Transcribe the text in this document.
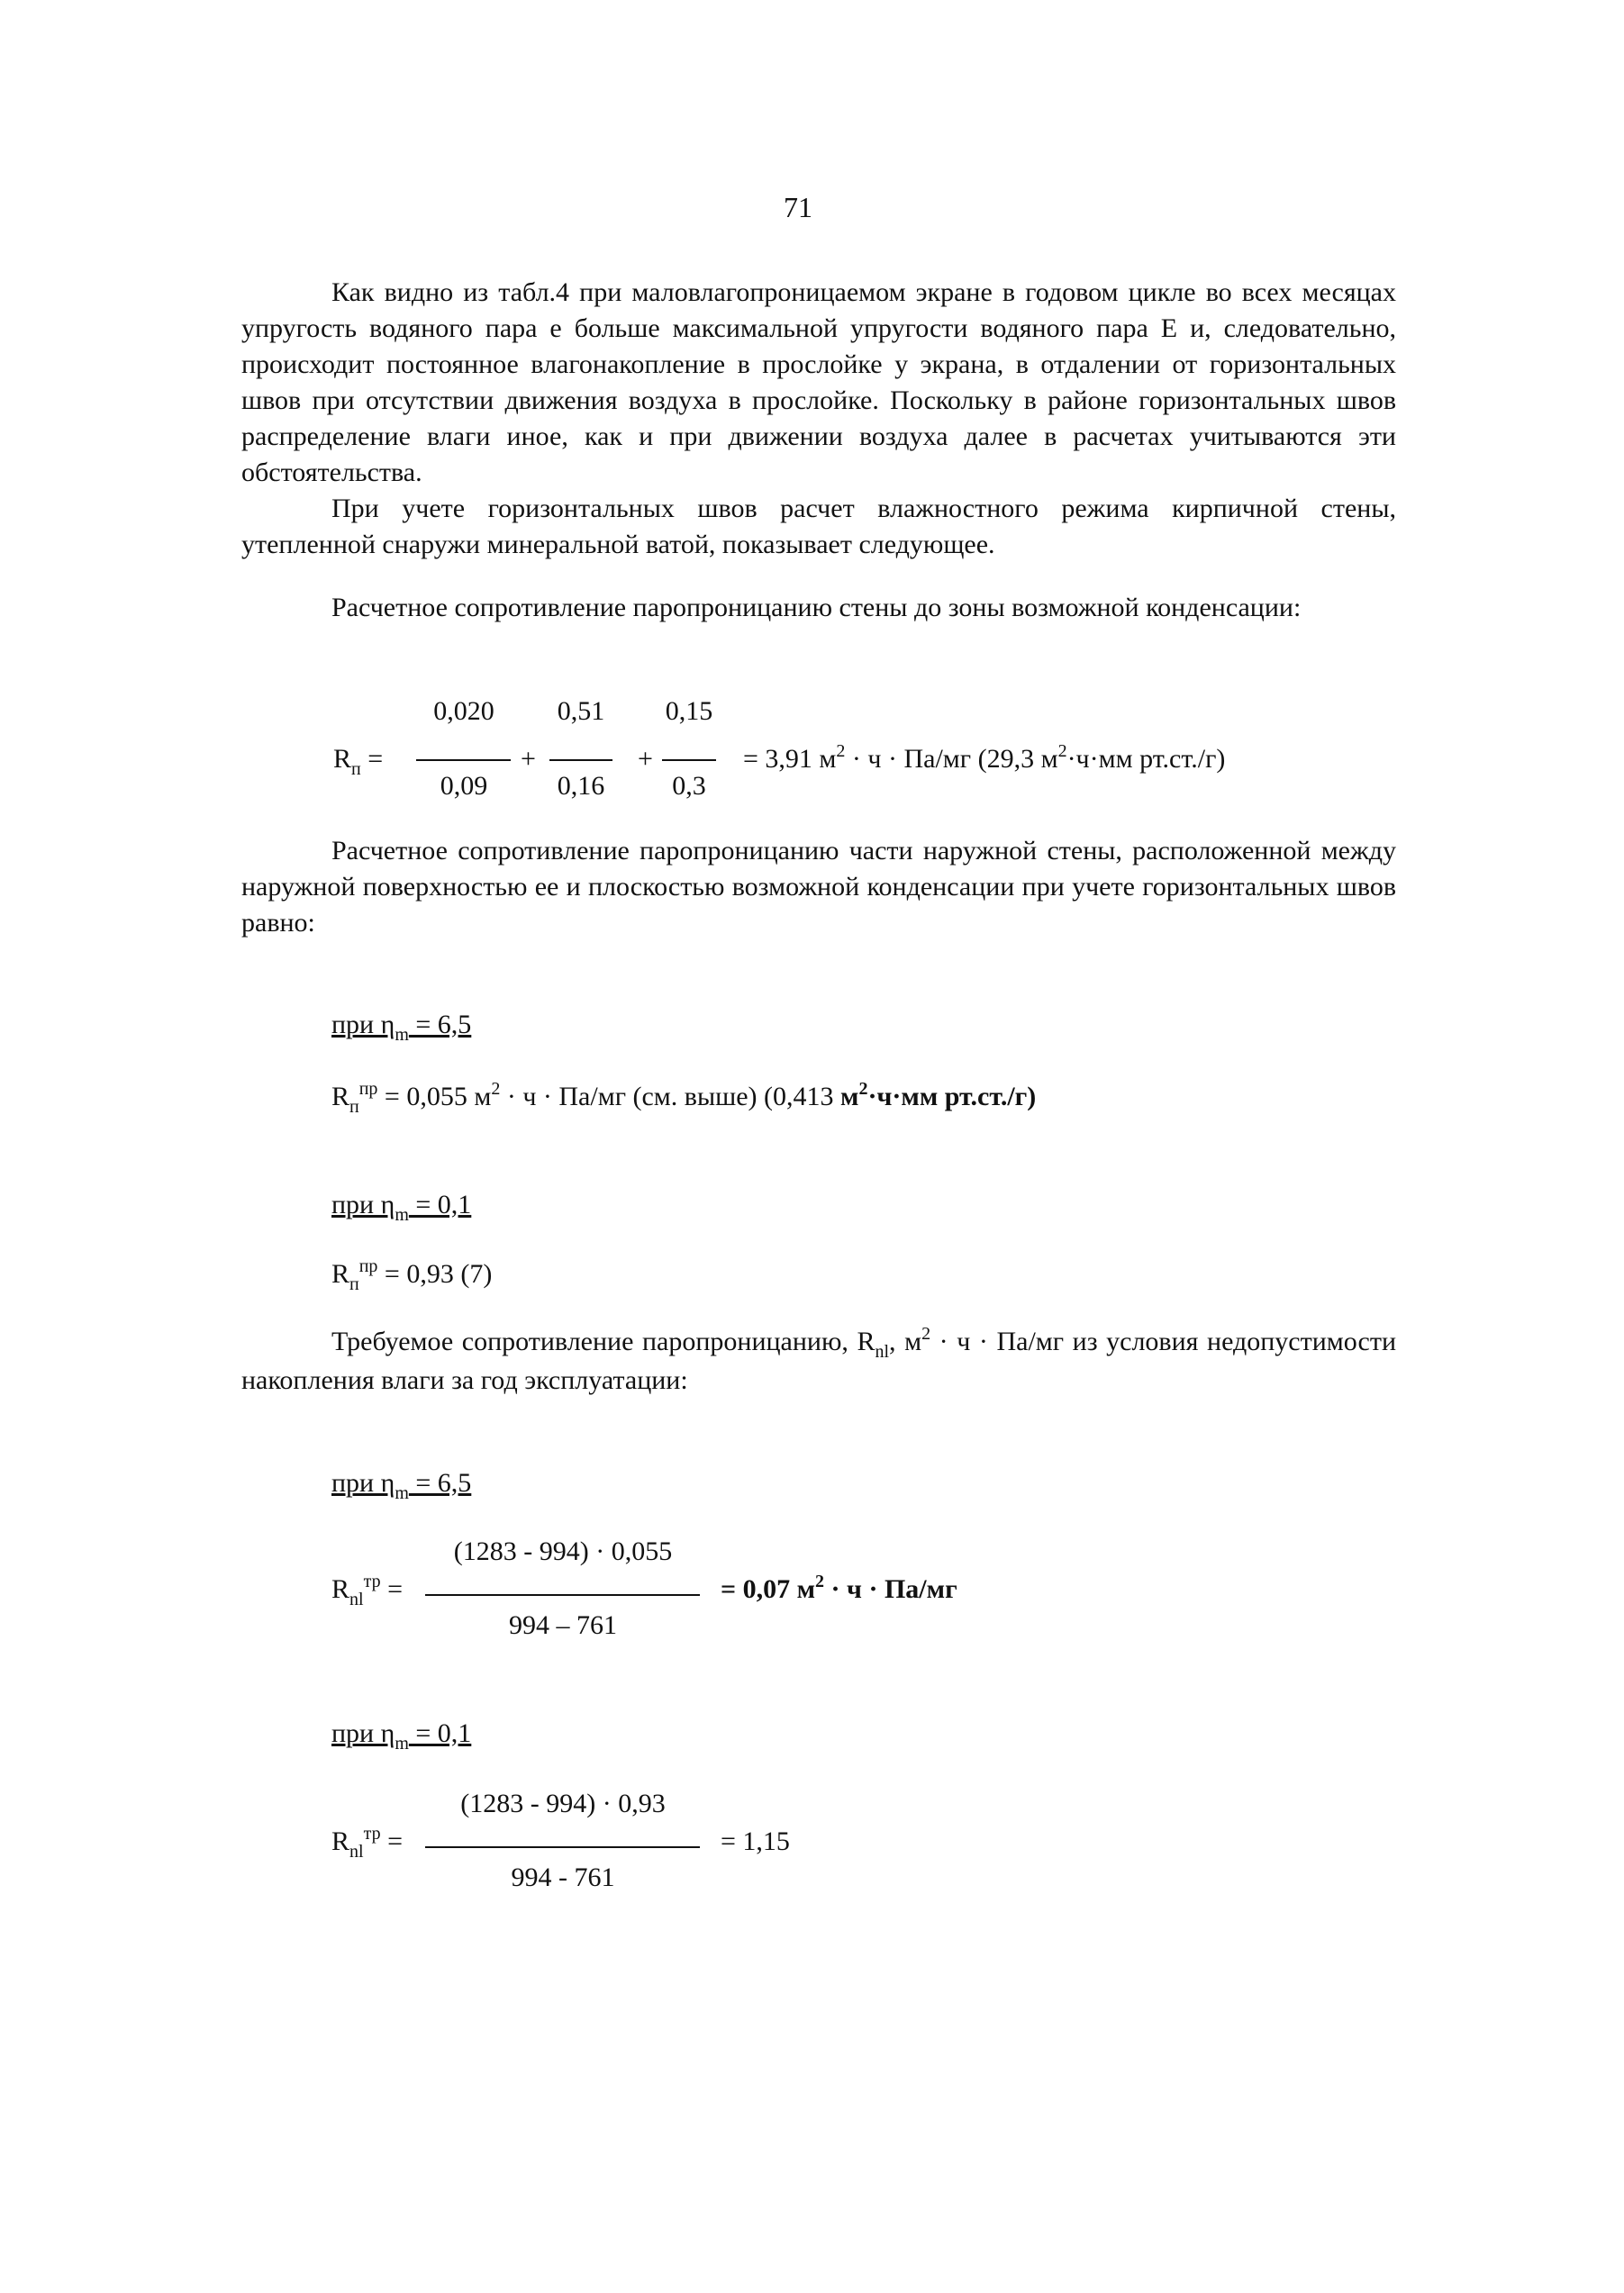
71
Как видно из табл.4 при маловлагопроницаемом экране в годовом цикле во всех месяцах упругость водяного пара е больше максимальной упругости водяного пара Е и, следовательно, происходит постоянное влагонакопление в прослойке у экрана, в отдалении от горизонтальных швов при отсутствии движения воздуха в прослойке. Поскольку в районе горизонтальных швов распределение влаги иное, как и при движении воздуха далее в расчетах учитываются эти обстоятельства.
При учете горизонтальных швов расчет влажностного режима кирпичной стены, утепленной снаружи минеральной ватой, показывает следующее.
Расчетное сопротивление паропроницанию стены до зоны возможной конденсации:
$R_п$ =
0,020
0,09
+
0,51
0,16
+
0,15
0,3
= 3,91 $м^2 \cdot ч \cdot Па/мг$ (29,3 $м^2\cdot ч\cdot мм$ рт.ст./г)
Расчетное сопротивление паропроницанию части наружной стены, расположенной между наружной поверхностью ее и плоскостью возможной конденсации при учете горизонтальных швов равно:
при $\eta_m = 6,5$
$R_п^{пр} = 0,055$ $м^2 \cdot ч \cdot Па/мг$ (см. выше) (0,413 $м^2\cdot ч\cdot мм$ рт.ст./г)
при $\eta_m = 0,1$
$R_п^{пр} = 0,93$ (7)
Требуемое сопротивление паропроницанию, $R_{nl}$, $м^2 \cdot ч \cdot Па/мг$ из условия недопустимости накопления влаги за год эксплуатации:
при $\eta_m = 6,5$
$R_{nl}^{тр}$ =
(1283 - 994) · 0,055
994 – 761
= 0,07 $м^2 \cdot ч \cdot Па/мг$
при $\eta_m = 0,1$
$R_{nl}^{тр}$ =
(1283 - 994) · 0,93
994 - 761
= 1,15
